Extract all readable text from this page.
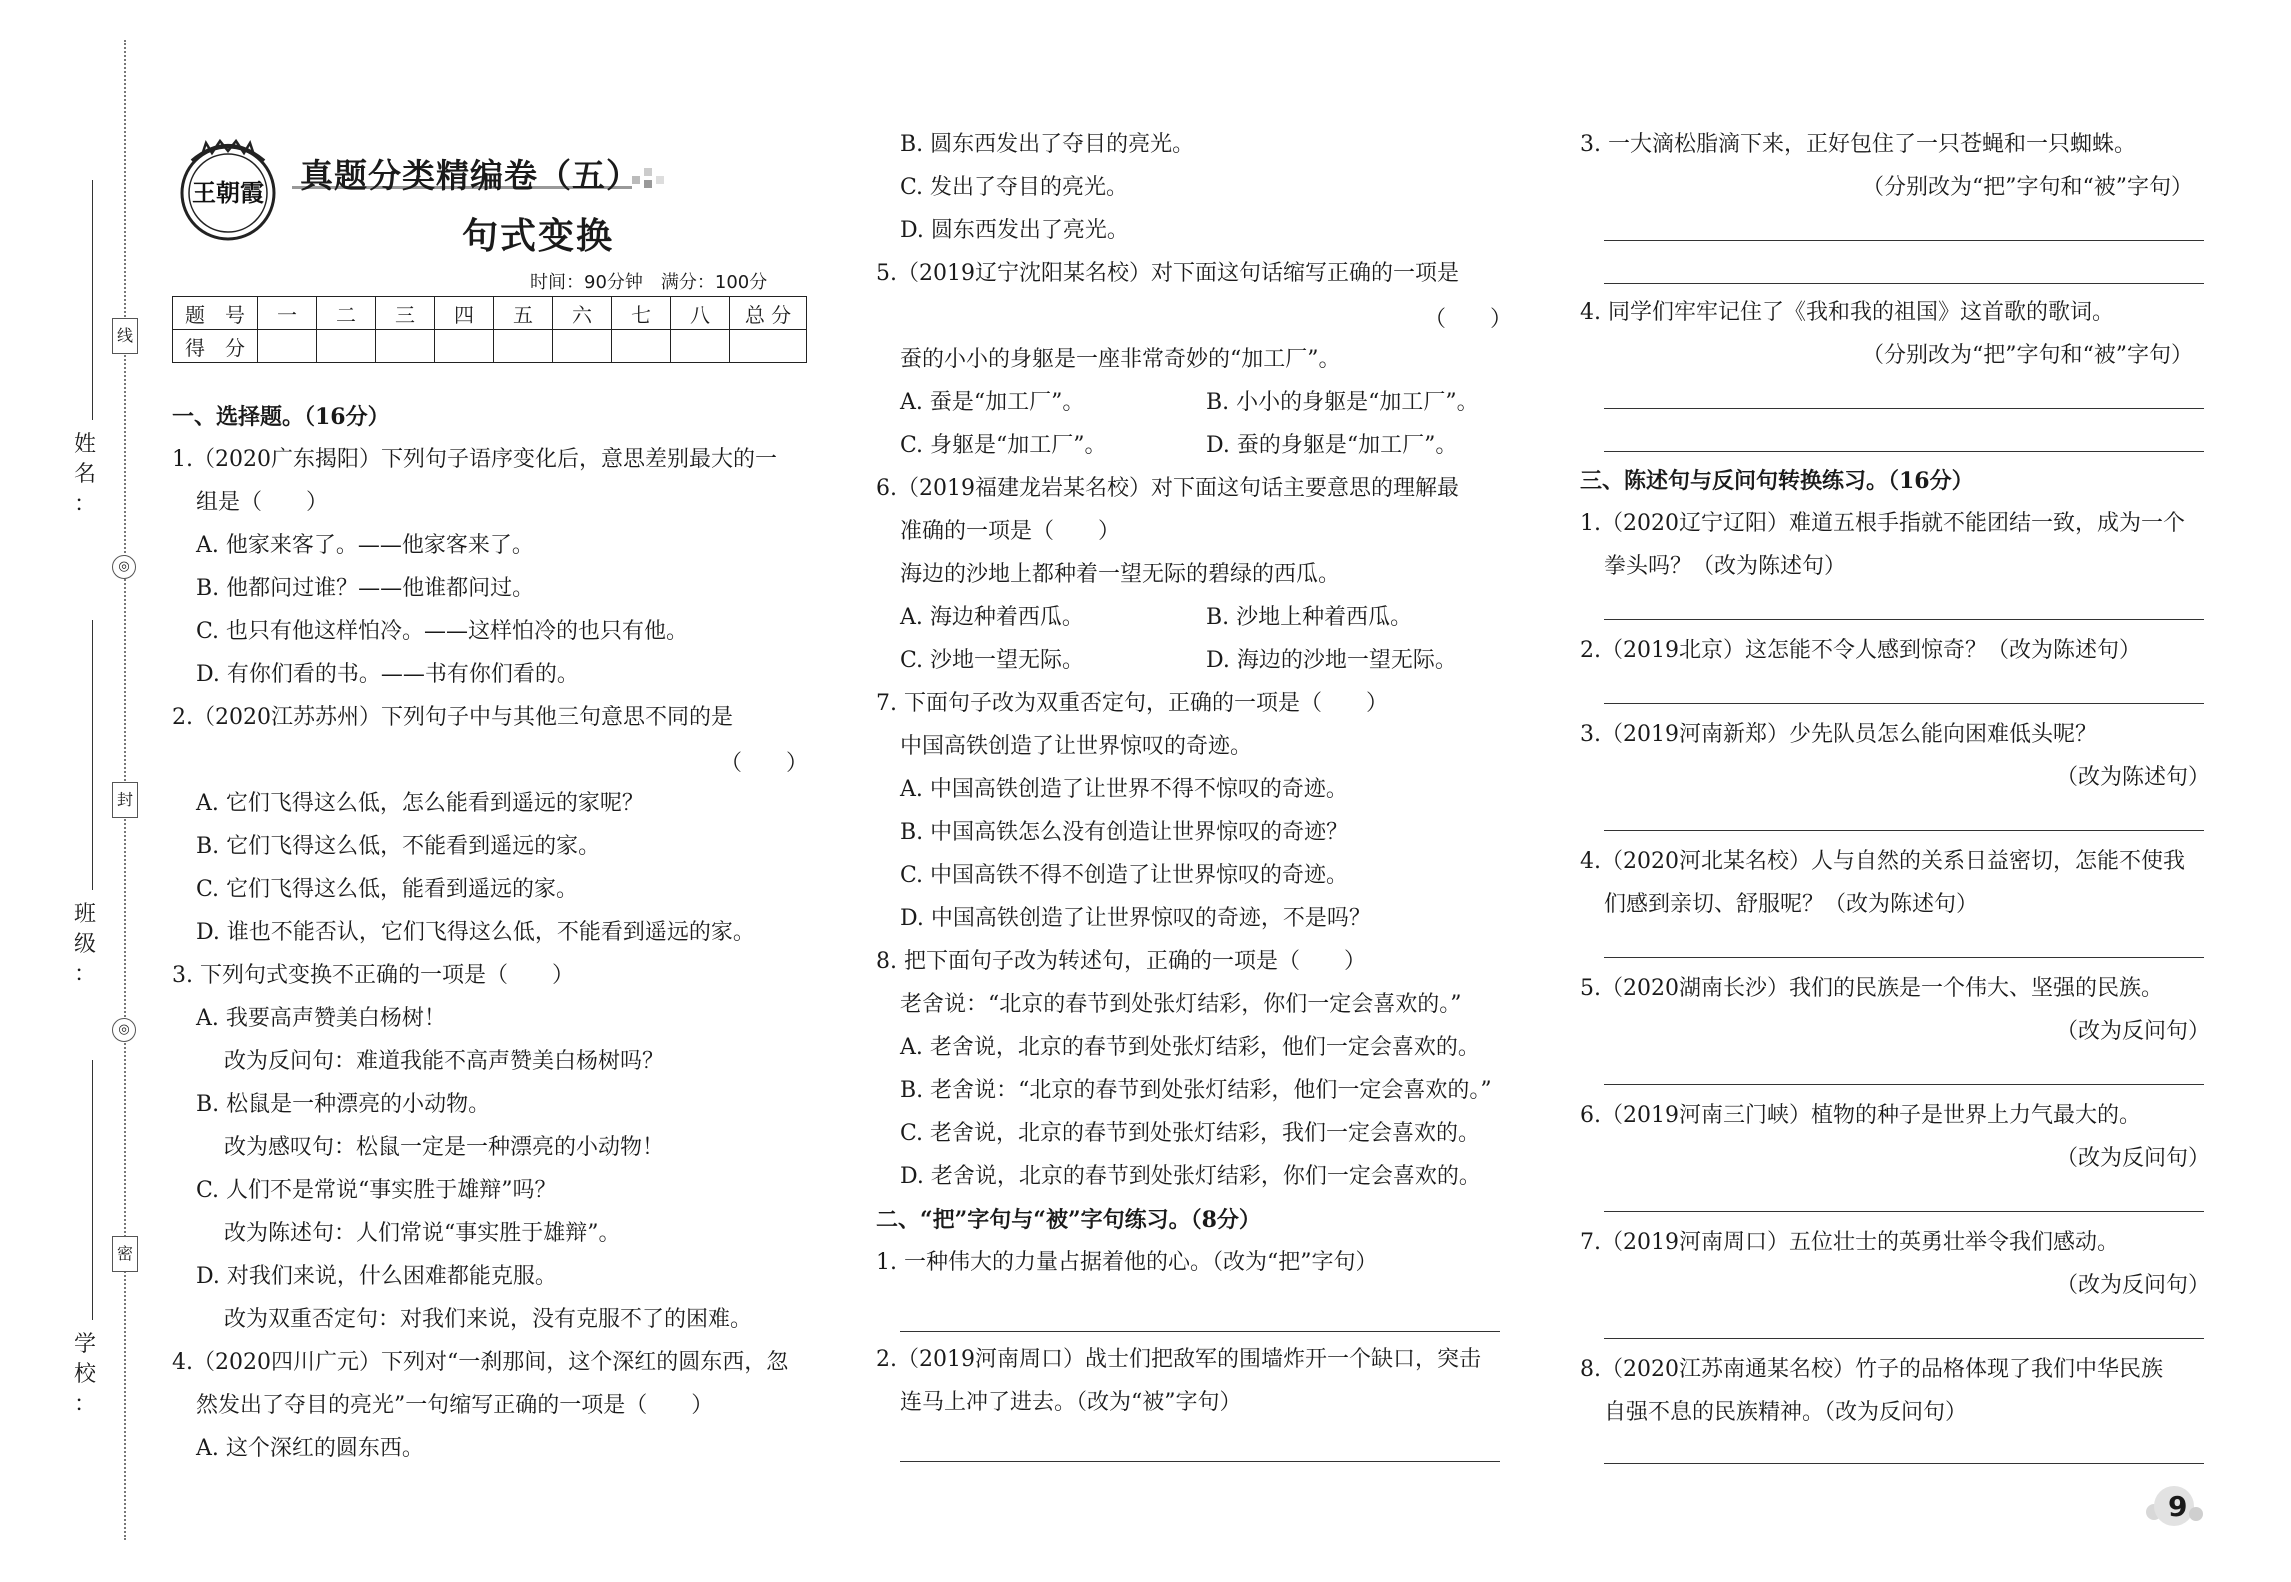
姓
名
：
班
级
：
学
校
：
线
◎
封
◎
密
王朝霞 真题分类精编卷（五）
句式变换
时间：90分钟　满分：100分
题　号	一	二	三	四	五	六	七	八	总 分
得　分									
一、选择题。（16分）
1.（2020广东揭阳）下列句子语序变化后，意思差别最大的一
组是（　　）
A. 他家来客了。——他家客来了。
B. 他都问过谁？——他谁都问过。
C. 也只有他这样怕冷。——这样怕冷的也只有他。
D. 有你们看的书。——书有你们看的。
2.（2020江苏苏州）下列句子中与其他三句意思不同的是
（　　）
A. 它们飞得这么低，怎么能看到遥远的家呢？
B. 它们飞得这么低，不能看到遥远的家。
C. 它们飞得这么低，能看到遥远的家。
D. 谁也不能否认，它们飞得这么低，不能看到遥远的家。
3. 下列句式变换不正确的一项是（　　）
A. 我要高声赞美白杨树！
改为反问句：难道我能不高声赞美白杨树吗？
B. 松鼠是一种漂亮的小动物。
改为感叹句：松鼠一定是一种漂亮的小动物！
C. 人们不是常说“事实胜于雄辩”吗？
改为陈述句：人们常说“事实胜于雄辩”。
D. 对我们来说，什么困难都能克服。
改为双重否定句：对我们来说，没有克服不了的困难。
4.（2020四川广元）下列对“一刹那间，这个深红的圆东西，忽
然发出了夺目的亮光”一句缩写正确的一项是（　　）
A. 这个深红的圆东西。
B. 圆东西发出了夺目的亮光。
C. 发出了夺目的亮光。
D. 圆东西发出了亮光。
5.（2019辽宁沈阳某名校）对下面这句话缩写正确的一项是
（　　）
蚕的小小的身躯是一座非常奇妙的“加工厂”。
A. 蚕是“加工厂”。	B. 小小的身躯是“加工厂”。
C. 身躯是“加工厂”。	D. 蚕的身躯是“加工厂”。
6.（2019福建龙岩某名校）对下面这句话主要意思的理解最
准确的一项是（　　）
海边的沙地上都种着一望无际的碧绿的西瓜。
A. 海边种着西瓜。	B. 沙地上种着西瓜。
C. 沙地一望无际。	D. 海边的沙地一望无际。
7. 下面句子改为双重否定句，正确的一项是（　　）
中国高铁创造了让世界惊叹的奇迹。
A. 中国高铁创造了让世界不得不惊叹的奇迹。
B. 中国高铁怎么没有创造让世界惊叹的奇迹？
C. 中国高铁不得不创造了让世界惊叹的奇迹。
D. 中国高铁创造了让世界惊叹的奇迹，不是吗？
8. 把下面句子改为转述句，正确的一项是（　　）
老舍说：“北京的春节到处张灯结彩，你们一定会喜欢的。”
A. 老舍说，北京的春节到处张灯结彩，他们一定会喜欢的。
B. 老舍说：“北京的春节到处张灯结彩，他们一定会喜欢的。”
C. 老舍说，北京的春节到处张灯结彩，我们一定会喜欢的。
D. 老舍说，北京的春节到处张灯结彩，你们一定会喜欢的。
二、“把”字句与“被”字句练习。（8分）
1. 一种伟大的力量占据着他的心。（改为“把”字句）
2.（2019河南周口）战士们把敌军的围墙炸开一个缺口，突击
连马上冲了进去。（改为“被”字句）
3. 一大滴松脂滴下来，正好包住了一只苍蝇和一只蜘蛛。
（分别改为“把”字句和“被”字句）
4. 同学们牢牢记住了《我和我的祖国》这首歌的歌词。
（分别改为“把”字句和“被”字句）
三、陈述句与反问句转换练习。（16分）
1.（2020辽宁辽阳）难道五根手指就不能团结一致，成为一个
拳头吗？（改为陈述句）
2.（2019北京）这怎能不令人感到惊奇？（改为陈述句）
3.（2019河南新郑）少先队员怎么能向困难低头呢？
（改为陈述句）
4.（2020河北某名校）人与自然的关系日益密切，怎能不使我
们感到亲切、舒服呢？（改为陈述句）
5.（2020湖南长沙）我们的民族是一个伟大、坚强的民族。
（改为反问句）
6.（2019河南三门峡）植物的种子是世界上力气最大的。
（改为反问句）
7.（2019河南周口）五位壮士的英勇壮举令我们感动。
（改为反问句）
8.（2020江苏南通某名校）竹子的品格体现了我们中华民族
自强不息的民族精神。（改为反问句）
9
